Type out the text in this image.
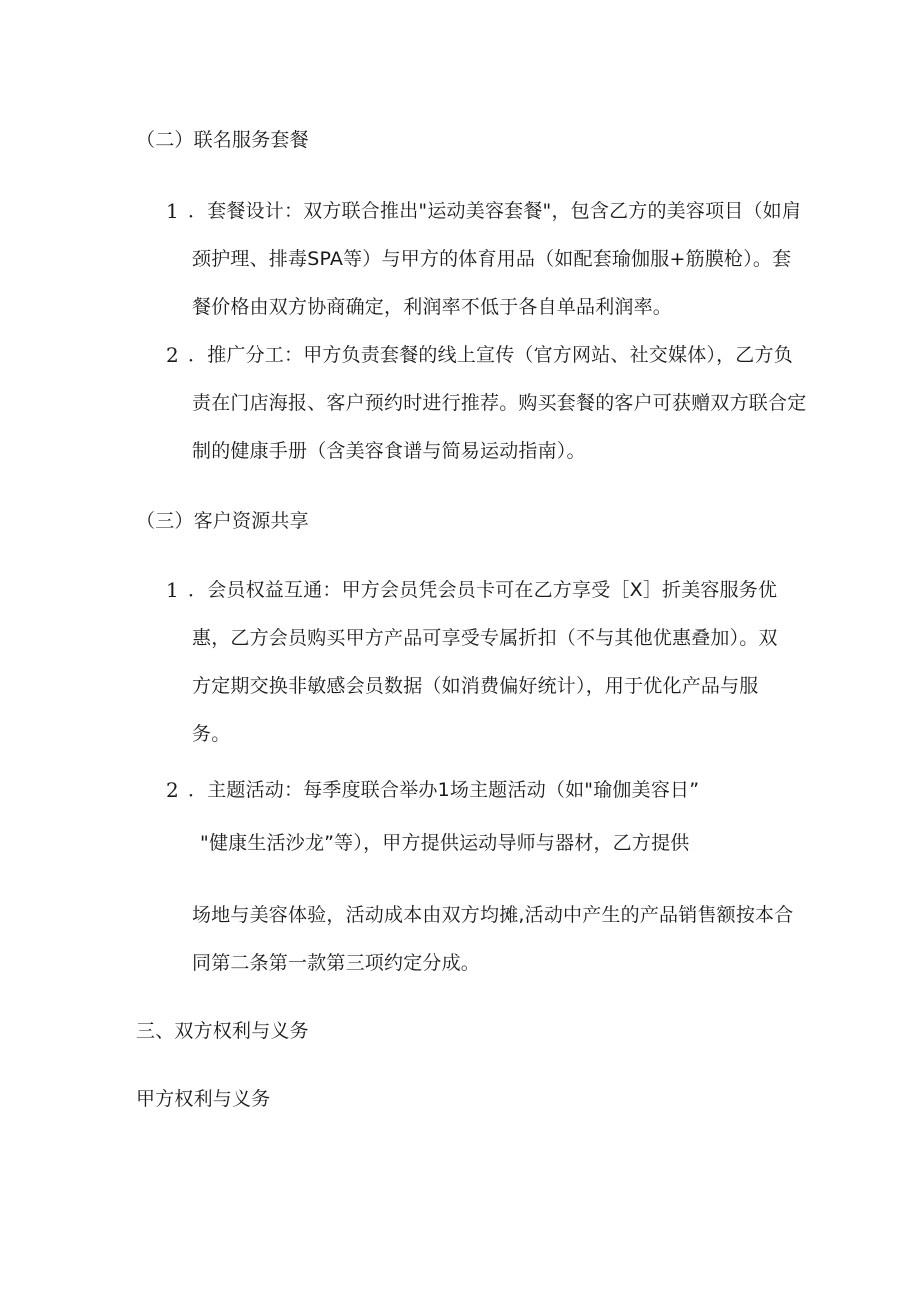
（二）联名服务套餐
1 ．套餐设计：双方联合推出"运动美容套餐"，包含乙方的美容项目（如肩
颈护理、排毒SPA等）与甲方的体育用品（如配套瑜伽服+筋膜枪）。套
餐价格由双方协商确定，利润率不低于各自单品利润率。
2 ．推广分工：甲方负责套餐的线上宣传（官方网站、社交媒体），乙方负
责在门店海报、客户预约时进行推荐。购买套餐的客户可获赠双方联合定
制的健康手册（含美容食谱与简易运动指南）。
（三）客户资源共享
1 ．会员权益互通：甲方会员凭会员卡可在乙方享受［X］折美容服务优
惠，乙方会员购买甲方产品可享受专属折扣（不与其他优惠叠加）。双
方定期交换非敏感会员数据（如消费偏好统计），用于优化产品与服
务。
2 ．主题活动：每季度联合举办1场主题活动（如"瑜伽美容日”
"健康生活沙龙”等），甲方提供运动导师与器材，乙方提供
场地与美容体验，活动成本由双方均摊,活动中产生的产品销售额按本合
同第二条第一款第三项约定分成。
三、双方权利与义务
甲方权利与义务
